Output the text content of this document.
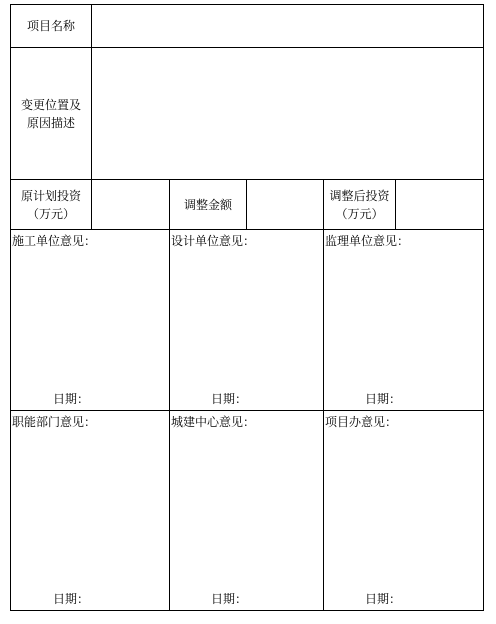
项目名称
变更位置及
原因描述
原计划投资
（万元）
调整金额
调整后投资
（万元）
施工单位意见：
日期：
设计单位意见：
日期：
监理单位意见：
日期：
职能部门意见：
日期：
城建中心意见：
日期：
项目办意见：
日期：
